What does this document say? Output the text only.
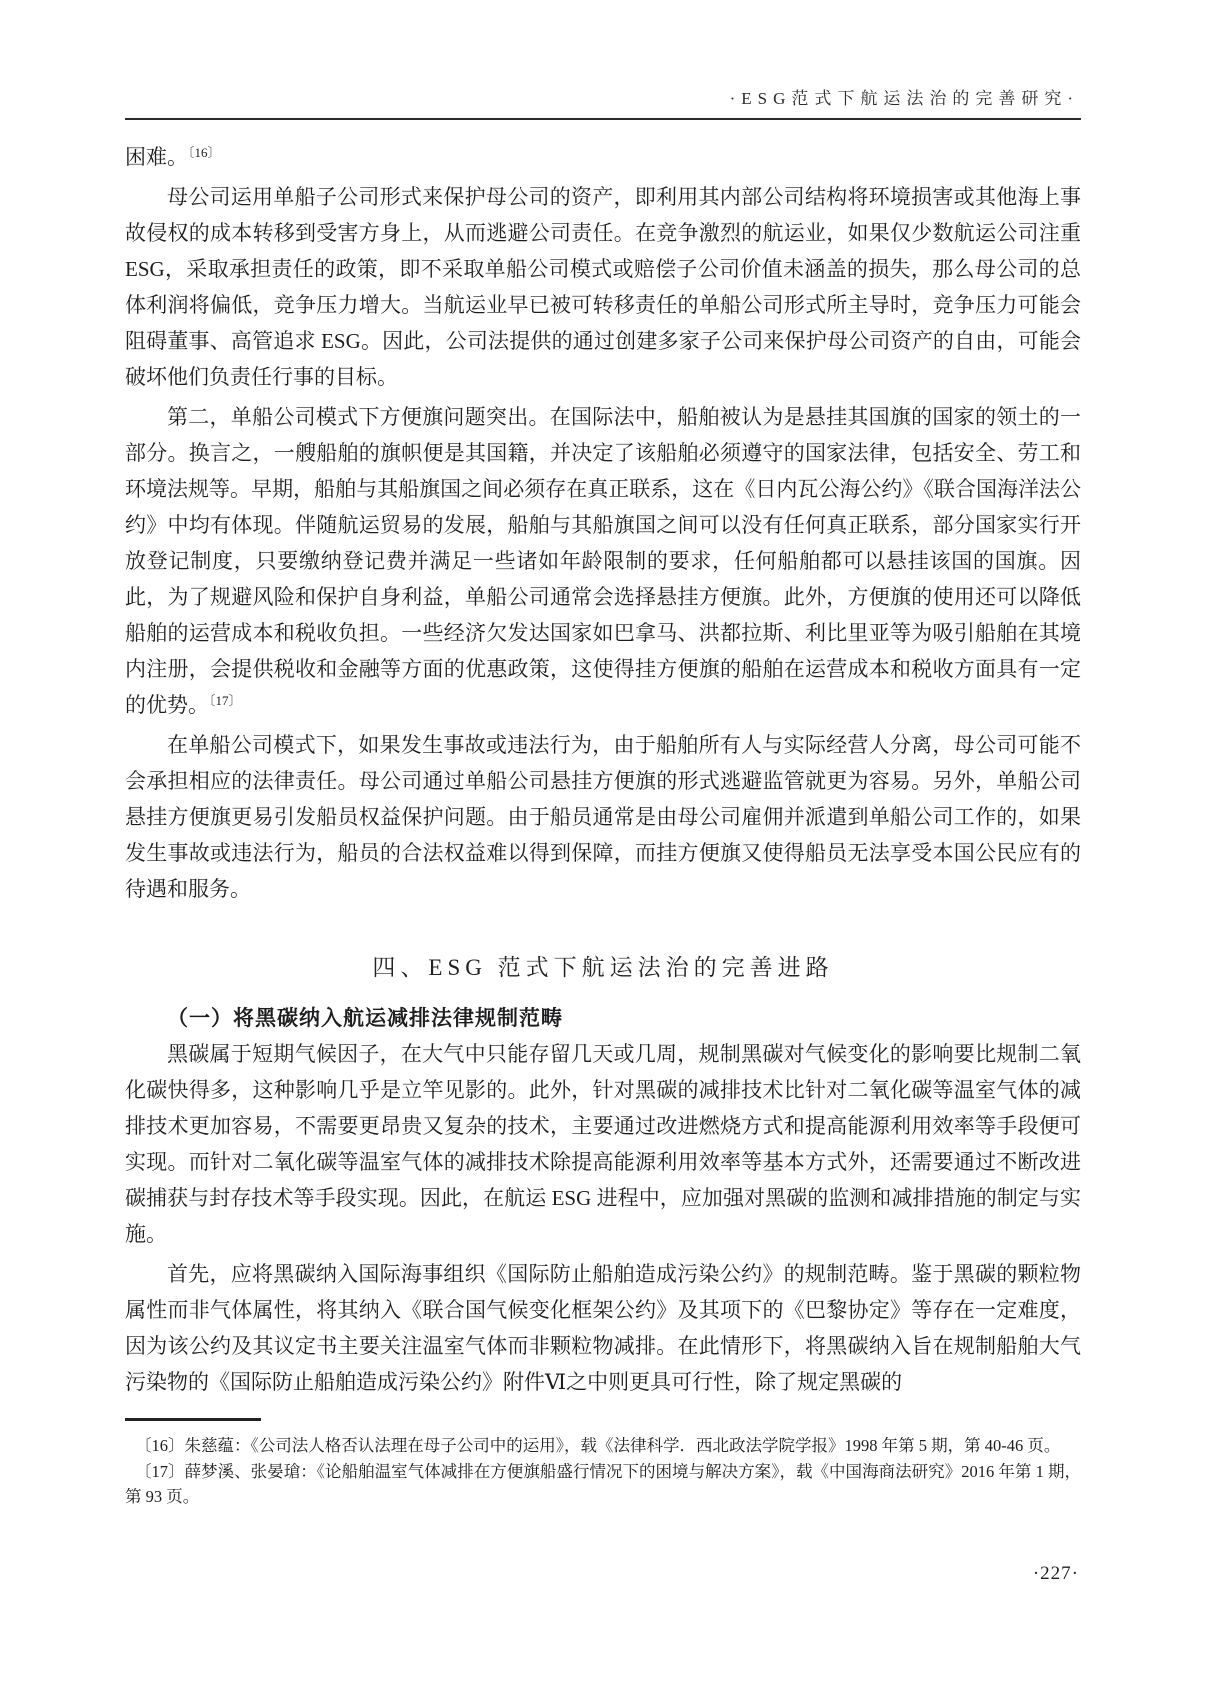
·ESG范式下航运法治的完善研究·

困难。$^{〔16〕}$

母公司运用单船子公司形式来保护母公司的资产，即利用其内部公司结构将环境损害或其他海上事故侵权的成本转移到受害方身上，从而逃避公司责任。在竞争激烈的航运业，如果仅少数航运公司注重 ESG，采取承担责任的政策，即不采取单船公司模式或赔偿子公司价值未涵盖的损失，那么母公司的总体利润将偏低，竞争压力增大。当航运业早已被可转移责任的单船公司形式所主导时，竞争压力可能会阻碍董事、高管追求 ESG。因此，公司法提供的通过创建多家子公司来保护母公司资产的自由，可能会破坏他们负责任行事的目标。

第二，单船公司模式下方便旗问题突出。在国际法中，船舶被认为是悬挂其国旗的国家的领土的一部分。换言之，一艘船舶的旗帜便是其国籍，并决定了该船舶必须遵守的国家法律，包括安全、劳工和环境法规等。早期，船舶与其船旗国之间必须存在真正联系，这在《日内瓦公海公约》《联合国海洋法公约》中均有体现。伴随航运贸易的发展，船舶与其船旗国之间可以没有任何真正联系，部分国家实行开放登记制度，只要缴纳登记费并满足一些诸如年龄限制的要求，任何船舶都可以悬挂该国的国旗。因此，为了规避风险和保护自身利益，单船公司通常会选择悬挂方便旗。此外，方便旗的使用还可以降低船舶的运营成本和税收负担。一些经济欠发达国家如巴拿马、洪都拉斯、利比里亚等为吸引船舶在其境内注册，会提供税收和金融等方面的优惠政策，这使得挂方便旗的船舶在运营成本和税收方面具有一定的优势。$^{〔17〕}$

在单船公司模式下，如果发生事故或违法行为，由于船舶所有人与实际经营人分离，母公司可能不会承担相应的法律责任。母公司通过单船公司悬挂方便旗的形式逃避监管就更为容易。另外，单船公司悬挂方便旗更易引发船员权益保护问题。由于船员通常是由母公司雇佣并派遣到单船公司工作的，如果发生事故或违法行为，船员的合法权益难以得到保障，而挂方便旗又使得船员无法享受本国公民应有的待遇和服务。

四、ESG 范式下航运法治的完善进路
（一）将黑碳纳入航运减排法律规制范畴

黑碳属于短期气候因子，在大气中只能存留几天或几周，规制黑碳对气候变化的影响要比规制二氧化碳快得多，这种影响几乎是立竿见影的。此外，针对黑碳的减排技术比针对二氧化碳等温室气体的减排技术更加容易，不需要更昂贵又复杂的技术，主要通过改进燃烧方式和提高能源利用效率等手段便可实现。而针对二氧化碳等温室气体的减排技术除提高能源利用效率等基本方式外，还需要通过不断改进碳捕获与封存技术等手段实现。因此，在航运 ESG 进程中，应加强对黑碳的监测和减排措施的制定与实施。

首先，应将黑碳纳入国际海事组织《国际防止船舶造成污染公约》的规制范畴。鉴于黑碳的颗粒物属性而非气体属性，将其纳入《联合国气候变化框架公约》及其项下的《巴黎协定》等存在一定难度，因为该公约及其议定书主要关注温室气体而非颗粒物减排。在此情形下，将黑碳纳入旨在规制船舶大气污染物的《国际防止船舶造成污染公约》附件Ⅵ之中则更具可行性，除了规定黑碳的

〔16〕朱慈蕴：《公司法人格否认法理在母子公司中的运用》，载《法律科学．西北政法学院学报》1998 年第 5 期，第 40-46 页。

〔17〕薛梦溪、张晏瑲：《论船舶温室气体减排在方便旗船盛行情况下的困境与解决方案》，载《中国海商法研究》2016 年第 1 期，第 93 页。

·227·
